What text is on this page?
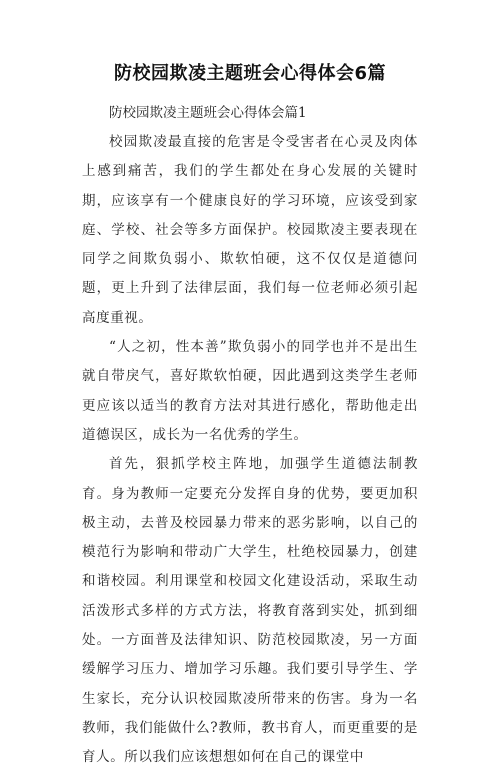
防校园欺凌主题班会心得体会6篇
防校园欺凌主题班会心得体会篇1

校园欺凌最直接的危害是令受害者在心灵及肉体上感到痛苦，我们的学生都处在身心发展的关键时期，应该享有一个健康良好的学习环境，应该受到家庭、学校、社会等多方面保护。校园欺凌主要表现在同学之间欺负弱小、欺软怕硬，这不仅仅是道德问题，更上升到了法律层面，我们每一位老师必须引起高度重视。

“人之初，性本善”欺负弱小的同学也并不是出生就自带戾气，喜好欺软怕硬，因此遇到这类学生老师更应该以适当的教育方法对其进行感化，帮助他走出道德误区，成长为一名优秀的学生。

首先，狠抓学校主阵地，加强学生道德法制教育。身为教师一定要充分发挥自身的优势，要更加积极主动，去普及校园暴力带来的恶劣影响，以自己的模范行为影响和带动广大学生，杜绝校园暴力，创建和谐校园。利用课堂和校园文化建设活动，采取生动活泼形式多样的方式方法，将教育落到实处，抓到细处。一方面普及法律知识、防范校园欺凌，另一方面缓解学习压力、增加学习乐趣。我们要引导学生、学生家长，充分认识校园欺凌所带来的伤害。身为一名教师，我们能做什么?教师，教书育人，而更重要的是育人。所以我们应该想想如何在自己的课堂中
